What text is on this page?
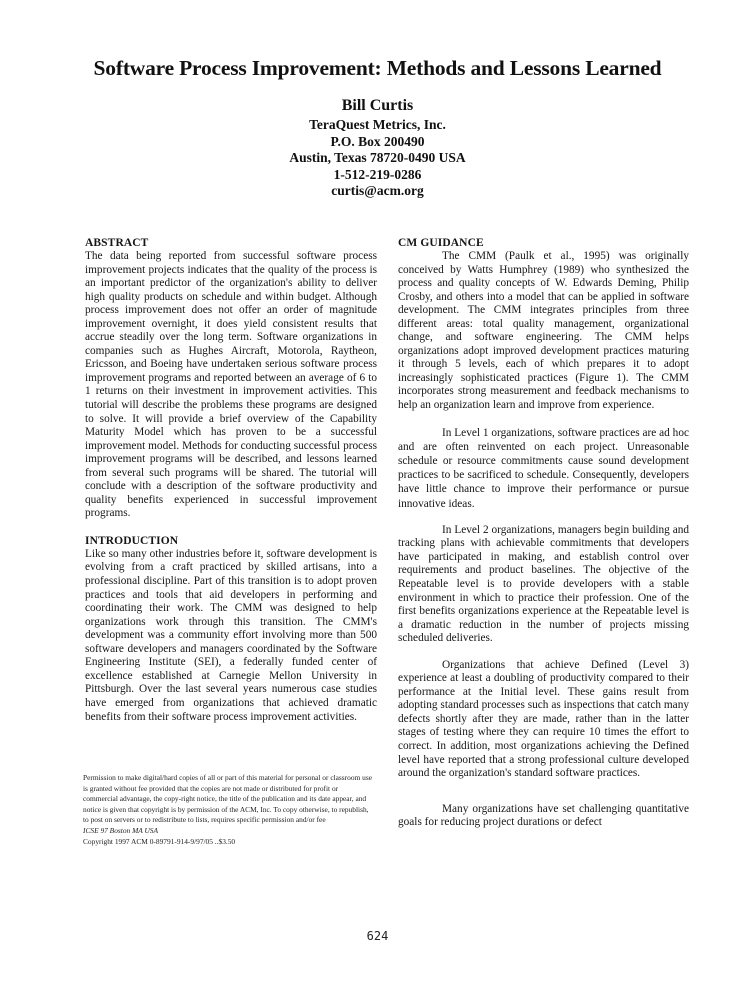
Software Process Improvement: Methods and Lessons Learned
Bill Curtis
TeraQuest Metrics, Inc.
P.O. Box 200490
Austin, Texas 78720-0490 USA
1-512-219-0286
curtis@acm.org
ABSTRACT

The data being reported from successful software process improvement projects indicates that the quality of the process is an important predictor of the organization's ability to deliver high quality products on schedule and within budget. Although process improvement does not offer an order of magnitude improvement overnight, it does yield consistent results that accrue steadily over the long term. Software organizations in companies such as Hughes Aircraft, Motorola, Raytheon, Ericsson, and Boeing have undertaken serious software process improvement programs and reported between an average of 6 to 1 returns on their investment in improvement activities. This tutorial will describe the problems these programs are designed to solve. It will provide a brief overview of the Capability Maturity Model which has proven to be a successful improvement model. Methods for conducting successful process improvement programs will be described, and lessons learned from several such programs will be shared. The tutorial will conclude with a description of the software productivity and quality benefits experienced in successful improvement programs.

INTRODUCTION

Like so many other industries before it, software development is evolving from a craft practiced by skilled artisans, into a professional discipline. Part of this transition is to adopt proven practices and tools that aid developers in performing and coordinating their work. The CMM was designed to help organizations work through this transition. The CMM's development was a community effort involving more than 500 software developers and managers coordinated by the Software Engineering Institute (SEI), a federally funded center of excellence established at Carnegie Mellon University in Pittsburgh. Over the last several years numerous case studies have emerged from organizations that achieved dramatic benefits from their software process improvement activities.

Permission to make digital/hard copies of all or part of this material for personal or classroom use is granted without fee provided that the copies are not made or distributed for profit or commercial advantage, the copy-right notice, the title of the publication and its date appear, and notice is given that copyright is by permission of the ACM, Inc. To copy otherwise, to republish, to post on servers or to redistribute to lists, requires specific permission and/or fee
ICSE 97 Boston MA USA
Copyright 1997 ACM 0-89791-914-9/97/05 ..$3.50
CM GUIDANCE

The CMM (Paulk et al., 1995) was originally conceived by Watts Humphrey (1989) who synthesized the process and quality concepts of W. Edwards Deming, Philip Crosby, and others into a model that can be applied in software development. The CMM integrates principles from three different areas: total quality management, organizational change, and software engineering. The CMM helps organizations adopt improved development practices maturing it through 5 levels, each of which prepares it to adopt increasingly sophisticated practices (Figure 1). The CMM incorporates strong measurement and feedback mechanisms to help an organization learn and improve from experience.

In Level 1 organizations, software practices are ad hoc and are often reinvented on each project. Unreasonable schedule or resource commitments cause sound development practices to be sacrificed to schedule. Consequently, developers have little chance to improve their performance or pursue innovative ideas.

In Level 2 organizations, managers begin building and tracking plans with achievable commitments that developers have participated in making, and establish control over requirements and product baselines. The objective of the Repeatable level is to provide developers with a stable environment in which to practice their profession. One of the first benefits organizations experience at the Repeatable level is a dramatic reduction in the number of projects missing scheduled deliveries.

Organizations that achieve Defined (Level 3) experience at least a doubling of productivity compared to their performance at the Initial level. These gains result from adopting standard processes such as inspections that catch many defects shortly after they are made, rather than in the latter stages of testing where they can require 10 times the effort to correct. In addition, most organizations achieving the Defined level have reported that a strong professional culture developed around the organization's standard software practices.

Many organizations have set challenging quantitative goals for reducing project durations or defect

624
